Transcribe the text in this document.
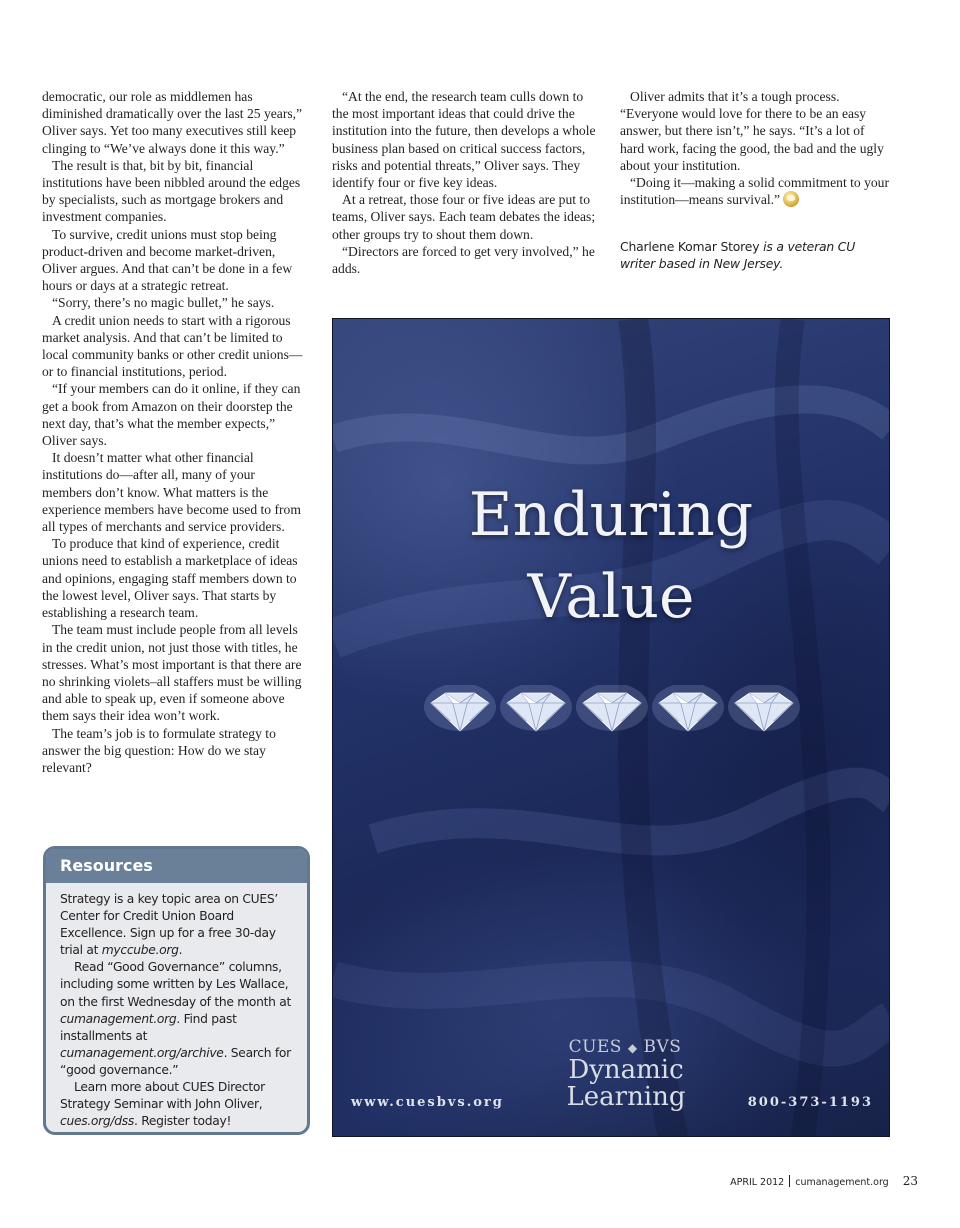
democratic, our role as middlemen has diminished dramatically over the last 25 years,” Oliver says. Yet too many executives still keep clinging to “We’ve always done it this way.”

The result is that, bit by bit, financial institutions have been nibbled around the edges by specialists, such as mortgage brokers and investment companies.

To survive, credit unions must stop being product-driven and become market-driven, Oliver argues. And that can’t be done in a few hours or days at a strategic retreat.

“Sorry, there’s no magic bullet,” he says.

A credit union needs to start with a rigorous market analysis. And that can’t be limited to local community banks or other credit unions—or to financial institutions, period.

“If your members can do it online, if they can get a book from Amazon on their doorstep the next day, that’s what the member expects,” Oliver says.

It doesn’t matter what other financial institutions do—after all, many of your members don’t know. What matters is the experience members have become used to from all types of merchants and service providers.

To produce that kind of experience, credit unions need to establish a marketplace of ideas and opinions, engaging staff members down to the lowest level, Oliver says. That starts by establishing a research team.

The team must include people from all levels in the credit union, not just those with titles, he stresses. What’s most important is that there are no shrinking violets–all staffers must be willing and able to speak up, even if someone above them says their idea won’t work.

The team’s job is to formulate strategy to answer the big question: How do we stay relevant?

“At the end, the research team culls down to the most important ideas that could drive the institution into the future, then develops a whole business plan based on critical success factors, risks and potential threats,” Oliver says. They identify four or five key ideas.

At a retreat, those four or five ideas are put to teams, Oliver says. Each team debates the ideas; other groups try to shout them down.

“Directors are forced to get very involved,” he adds.

Oliver admits that it’s a tough process. “Everyone would love for there to be an easy answer, but there isn’t,” he says. “It’s a lot of hard work, facing the good, the bad and the ugly about your institution.

“Doing it—making a solid commitment to your institution—means survival.”

Charlene Komar Storey is a veteran CU writer based in New Jersey.
Resources

Strategy is a key topic area on CUES’ Center for Credit Union Board Excellence. Sign up for a free 30-day trial at myccube.org.

Read “Good Governance” columns, including some written by Les Wallace, on the first Wednesday of the month at cumanagement.org. Find past installments at cumanagement.org/archive. Search for “good governance.”

Learn more about CUES Director Strategy Seminar with John Oliver, cues.org/dss. Register today!

Enduring
Value
CUES ◆ BVS
Dynamic
Learning
www.cuesbvs.org	800-373-1193
APRIL 2012 cumanagement.org 23
